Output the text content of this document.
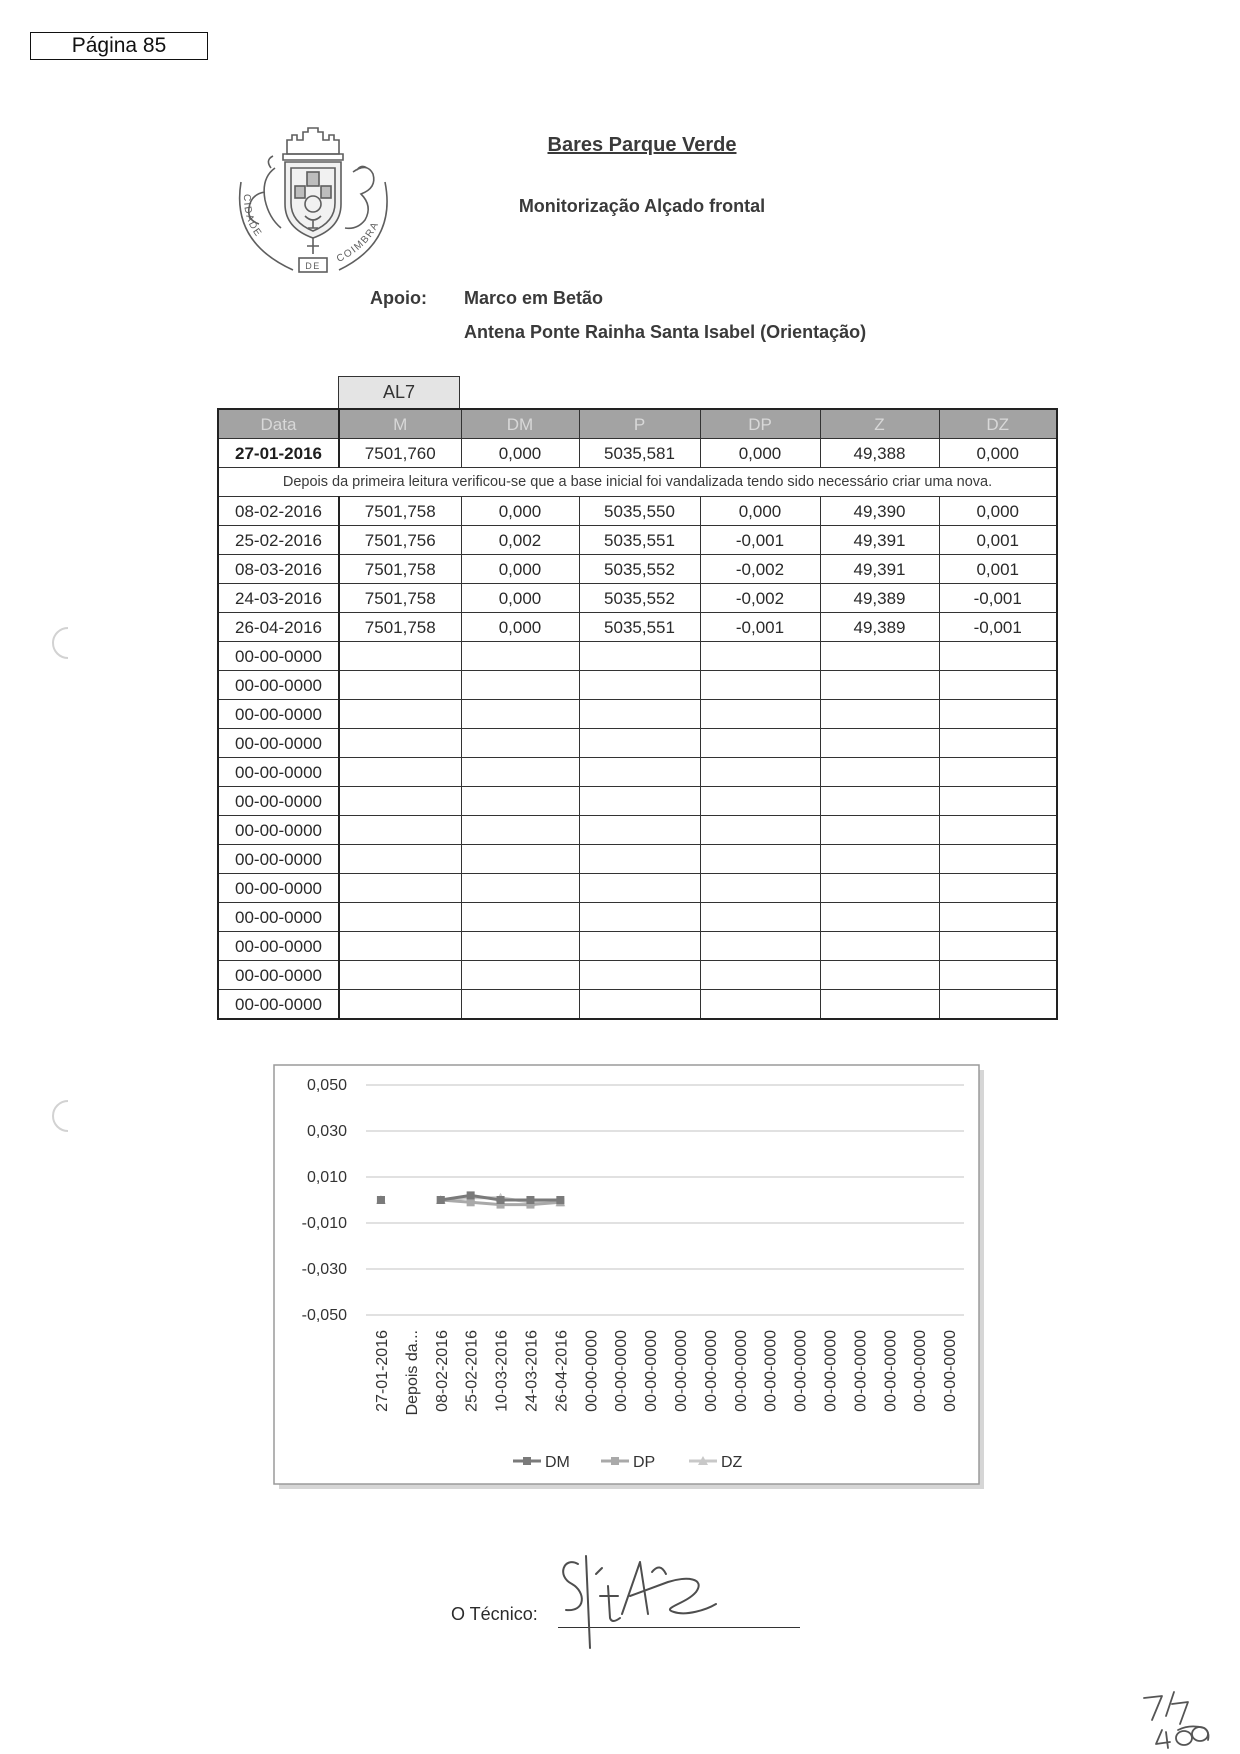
Página 85
CIDADE
COIMBRA
DE
Bares Parque Verde
Monitorização Alçado frontal
Apoio: Marco em Betão
Antena Ponte Rainha Santa Isabel (Orientação)
AL7
Data	M	DM	P	DP	Z	DZ
27-01-2016	7501,760	0,000	5035,581	0,000	49,388	0,000
Depois da primeira leitura verificou-se que a base inicial foi vandalizada tendo sido necessário criar uma nova.						
08-02-2016	7501,758	0,000	5035,550	0,000	49,390	0,000
25-02-2016	7501,756	0,002	5035,551	-0,001	49,391	0,001
08-03-2016	7501,758	0,000	5035,552	-0,002	49,391	0,001
24-03-2016	7501,758	0,000	5035,552	-0,002	49,389	-0,001
26-04-2016	7501,758	0,000	5035,551	-0,001	49,389	-0,001
00-00-0000						
00-00-0000						
00-00-0000						
00-00-0000						
00-00-0000						
00-00-0000						
00-00-0000						
00-00-0000						
00-00-0000						
00-00-0000						
00-00-0000						
00-00-0000						
00-00-0000						
0,050
0,030
0,010
-0,010
-0,030
-0,050
27-01-2016 Depois da... 08-02-2016 25-02-2016 10-03-2016 24-03-2016 26-04-2016 00-00-0000 00-00-0000 00-00-0000 00-00-0000 00-00-0000 00-00-0000 00-00-0000 00-00-0000 00-00-0000 00-00-0000 00-00-0000 00-00-0000 00-00-0000
DM	DP	DZ
O Técnico:
